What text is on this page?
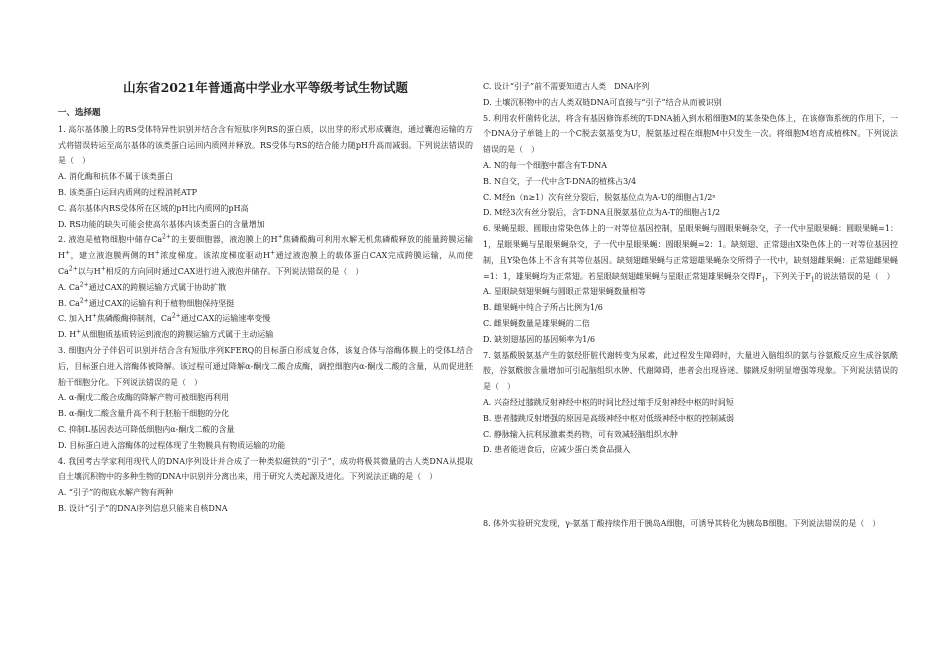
山东省2021年普通高中学业水平等级考试生物试题

一、选择题

1. 高尔基体膜上的RS受体特异性识别并结合含有短肽序列RS的蛋白质，以出芽的形式形成囊泡，通过囊泡运输的方式将错误转运至高尔基体的该类蛋白运回内质网并释放。RS受体与RS的结合能力随pH升高而减弱。下列说法错误的是（　）

A. 消化酶和抗体不属于该类蛋白

B. 该类蛋白运回内质网的过程消耗ATP

C. 高尔基体内RS受体所在区域的pH比内质网的pH高

D. RS功能的缺失可能会使高尔基体内该类蛋白的含量增加

2. 液泡是植物细胞中储存$Ca^{2+}$的主要细胞器，液泡膜上的H+焦磷酸酶可利用水解无机焦磷酸释放的能量跨膜运输H+，建立液泡膜两侧的H+浓度梯度。该浓度梯度驱动H+通过液泡膜上的载体蛋白CAX完成跨膜运输，从而使$Ca^{2+}$以与H+相反的方向同时通过CAX进行进入液泡并储存。下列说法错误的是（　）

A. $Ca^{2+}$通过CAX的跨膜运输方式属于协助扩散

B. $Ca^{2+}$通过CAX的运输有利于植物细胞保持坚挺

C. 加入H+焦磷酸酶抑制剂，$Ca^{2+}$通过CAX的运输速率变慢

D. H+从细胞质基质转运到液泡的跨膜运输方式属于主动运输

3. 细胞内分子伴侣可识别并结合含有短肽序列KFERQ的目标蛋白形成复合体，该复合体与溶酶体膜上的受体L结合后，目标蛋白进入溶酶体被降解。该过程可通过降解α-酮戊二酸合成酶，调控细胞内α-酮戊二酸的含量，从而促进胚胎干细胞分化。下列说法错误的是（　）

A. α-酮戊二酸合成酶的降解产物可被细胞再利用

B. α-酮戊二酸含量升高不利于胚胎干细胞的分化

C. 抑制L基因表达可降低细胞内α-酮戊二酸的含量

D. 目标蛋白进入溶酶体的过程体现了生物膜具有物质运输的功能

4. 我国考古学家利用现代人的DNA序列设计并合成了一种类似磁铁的“引子”，成功将极其微量的古人类DNA从提取自土壤沉积物中的多种生物的DNA中识别并分离出来，用于研究人类起源及进化。下列说法正确的是（　）

A. “引子”的彻底水解产物有两种

B. 设计“引子”的DNA序列信息只能来自核DNA

C. 设计“引子”前不需要知道古人类　DNA序列

D. 土壤沉积物中的古人类双链DNA可直接与“引子”结合从而被识别

5. 利用农杆菌转化法，将含有基因修饰系统的T-DNA插入到水稻细胞M的某条染色体上，在该修饰系统的作用下，一个DNA分子单链上的一个C脱去氨基变为U，脱氨基过程在细胞M中只发生一次。将细胞M培育成植株N。下列说法错误的是（　）

A. N的每一个细胞中都含有T-DNA

B. N自交，子一代中含T-DNA的植株占3/4

C. M经n（n≥1）次有丝分裂后，脱氨基位点为A-U的细胞占1/2ⁿ

D. M经3次有丝分裂后，含T-DNA且脱氨基位点为A-T的细胞占1/2

6. 果蝇星眼、圆眼由常染色体上的一对等位基因控制，星眼果蝇与圆眼果蝇杂交，子一代中星眼果蝇：圆眼果蝇=1：1，星眼果蝇与星眼果蝇杂交，子一代中星眼果蝇：圆眼果蝇=2：1。缺刻翅、正常翅由X染色体上的一对等位基因控制，且Y染色体上不含有其等位基因。缺刻翅雌果蝇与正常翅雄果蝇杂交所得子一代中，缺刻翅雌果蝇：正常翅雌果蝇=1：1，雄果蝇均为正常翅。若星眼缺刻翅雌果蝇与星眼正常翅雄果蝇杂交得$F_1$，下列关于$F_1$的说法错误的是（　）

A. 星眼缺刻翅果蝇与圆眼正常翅果蝇数量相等

B. 雌果蝇中纯合子所占比例为1/6

C. 雌果蝇数量是雄果蝇的二倍

D. 缺刻翅基因的基因频率为1/6

7. 氨基酸脱氨基产生的氨经肝脏代谢转变为尿素，此过程发生障碍时，大量进入脑组织的氨与谷氨酸反应生成谷氨酰胺，谷氨酰胺含量增加可引起脑组织水肿、代谢障碍，患者会出现昏迷、膝跳反射明显增强等现象。下列说法错误的是（　）

A. 兴奋经过膝跳反射神经中枢的时间比经过缩手反射神经中枢的时间短

B. 患者膝跳反射增强的原因是高级神经中枢对低级神经中枢的控制减弱

C. 静脉输入抗利尿激素类药物，可有效减轻脑组织水肿

D. 患者能进食后，应减少蛋白类食品摄入

8. 体外实验研究发现，γ-氨基丁酸持续作用于胰岛A细胞，可诱导其转化为胰岛B细胞。下列说法错误的是（　）
